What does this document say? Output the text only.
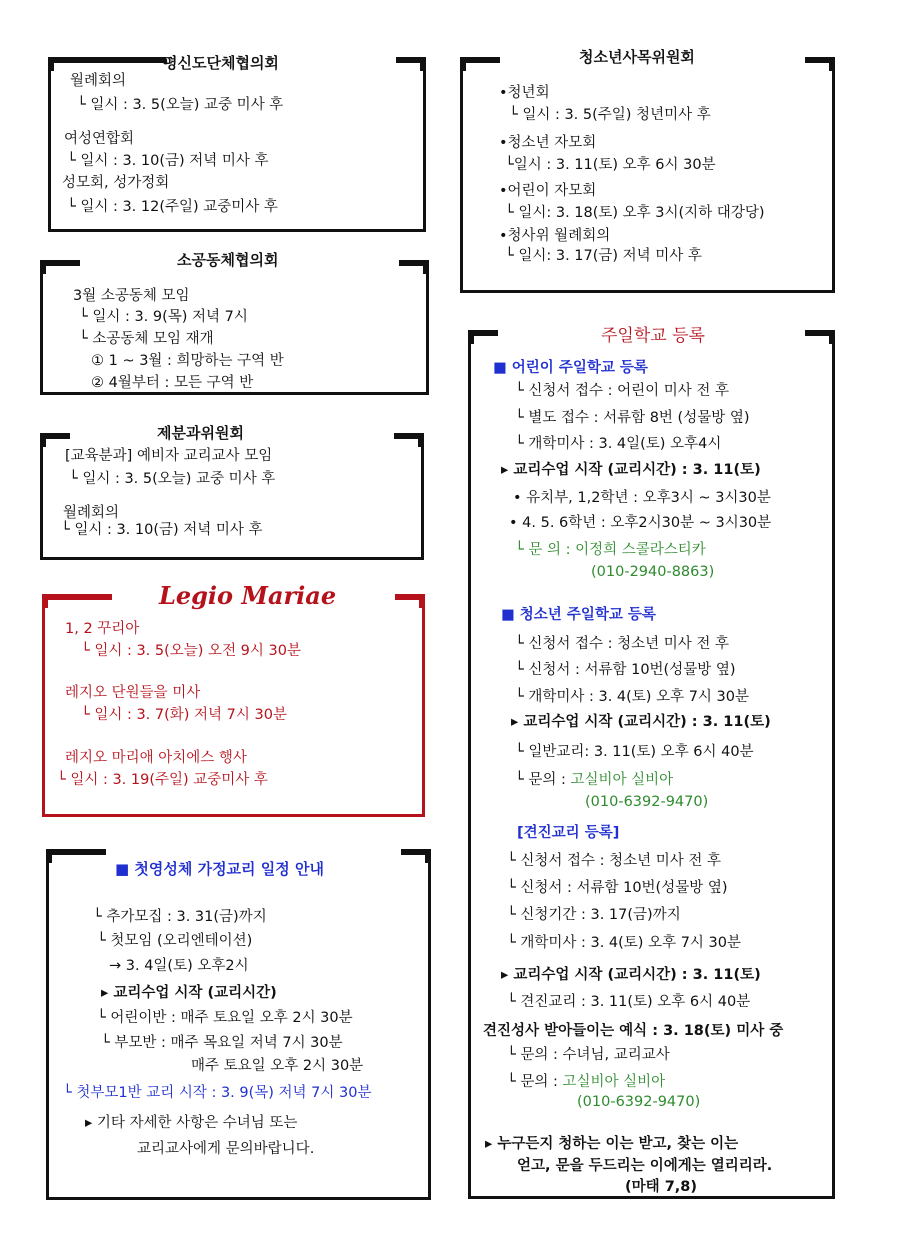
평신도단체협의회
월례회의
└ 일시 : 3. 5(오늘) 교중 미사 후
여성연합회
└ 일시 : 3. 10(금) 저녁 미사 후
성모회, 성가정회
└ 일시 : 3. 12(주일) 교중미사 후
소공동체협의회
3월 소공동체 모임
└ 일시 : 3. 9(목) 저녁 7시
└ 소공동체 모임 재개
① 1 ~ 3월 : 희망하는 구역 반
② 4월부터 : 모든 구역 반
제분과위원회
[교육분과] 예비자 교리교사 모임
└ 일시 : 3. 5(오늘) 교중 미사 후
월례회의
└ 일시 : 3. 10(금) 저녁 미사 후
Legio Mariae
1, 2 꾸리아
└ 일시 : 3. 5(오늘) 오전 9시 30분
레지오 단원들을 미사
└ 일시 : 3. 7(화) 저녁 7시 30분
레지오 마리애 아치에스 행사
└ 일시 : 3. 19(주일) 교중미사 후
■ 첫영성체 가정교리 일정 안내
└ 추가모집 : 3. 31(금)까지
└ 첫모임 (오리엔테이션)
→ 3. 4일(토) 오후2시
▸ 교리수업 시작 (교리시간)
└ 어린이반 : 매주 토요일 오후 2시 30분
└ 부모반 : 매주 목요일 저녁 7시 30분
매주 토요일 오후 2시 30분
└ 첫부모1반 교리 시작 : 3. 9(목) 저녁 7시 30분
▸ 기타 자세한 사항은 수녀님 또는
교리교사에게 문의바랍니다.
청소년사목위원회
•청년회
└ 일시 : 3. 5(주일) 청년미사 후
•청소년 자모회
└일시 : 3. 11(토) 오후 6시 30분
•어린이 자모회
└ 일시: 3. 18(토) 오후 3시(지하 대강당)
•청사위 월례회의
└ 일시: 3. 17(금) 저녁 미사 후
주일학교 등록
■ 어린이 주일학교 등록
└ 신청서 접수 : 어린이 미사 전 후
└ 별도 접수 : 서류함 8번 (성물방 옆)
└ 개학미사 : 3. 4일(토) 오후4시
▸ 교리수업 시작 (교리시간) : 3. 11(토)
• 유치부, 1,2학년 : 오후3시 ~ 3시30분
• 4. 5. 6학년 : 오후2시30분 ~ 3시30분
└ 문 의 : 이정희 스콜라스티카
(010-2940-8863)
■ 청소년 주일학교 등록
└ 신청서 접수 : 청소년 미사 전 후
└ 신청서 : 서류함 10번(성물방 옆)
└ 개학미사 : 3. 4(토) 오후 7시 30분
▸ 교리수업 시작 (교리시간) : 3. 11(토)
└ 일반교리: 3. 11(토) 오후 6시 40분
└ 문의 : 고실비아 실비아
(010-6392-9470)
[견진교리 등록]
└ 신청서 접수 : 청소년 미사 전 후
└ 신청서 : 서류함 10번(성물방 옆)
└ 신청기간 : 3. 17(금)까지
└ 개학미사 : 3. 4(토) 오후 7시 30분
▸ 교리수업 시작 (교리시간) : 3. 11(토)
└ 견진교리 : 3. 11(토) 오후 6시 40분
견진성사 받아들이는 예식 : 3. 18(토) 미사 중
└ 문의 : 수녀님, 교리교사
└ 문의 : 고실비아 실비아
(010-6392-9470)
▸ 누구든지 청하는 이는 받고, 찾는 이는
얻고, 문을 두드리는 이에게는 열리리라.
(마태 7,8)
